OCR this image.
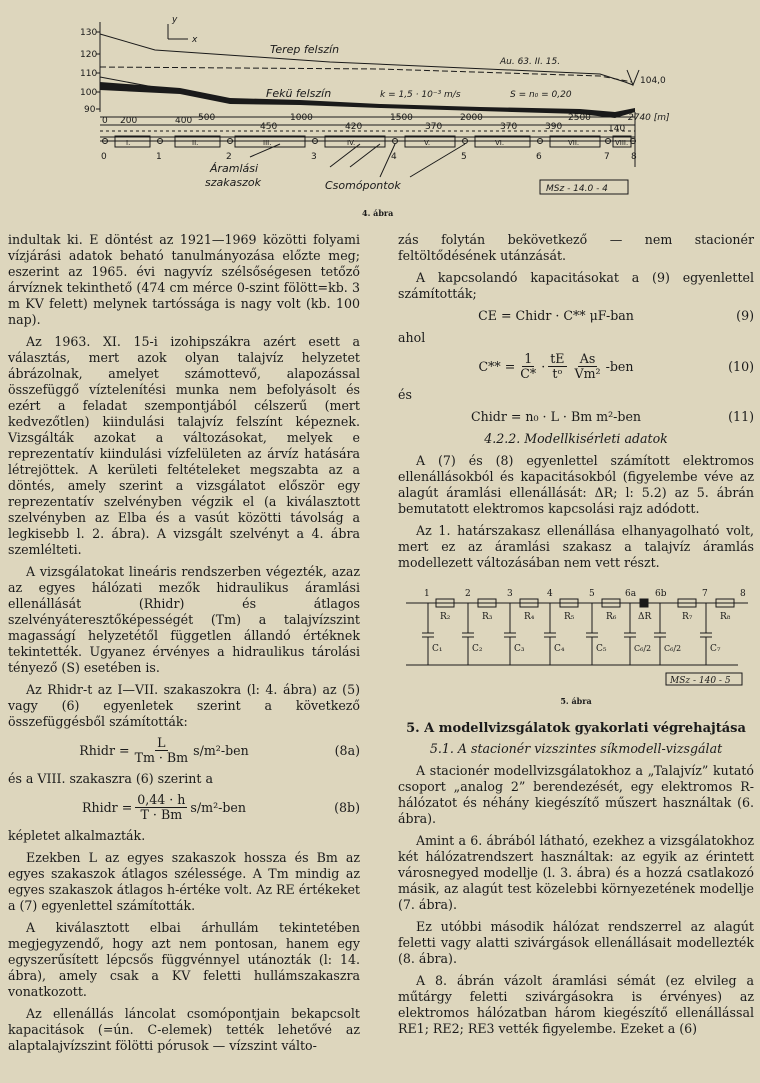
130
120
110
100
90
y
x
Terep felszín
Fekü felszín
Au. 63. II. 15.
k = 1,5 · 10⁻³ m/s	S = n₀ = 0,20
104,0
0 200	400 500
450
1000
420
1500
370
2000
370	390
2500
140
2740 [m]
I.	II.	III.	IV.	V.	VI.	VII.	VIII.
0	1	2	3	4	5	6	7 8
Áramlási
szakaszok	Csomópontok	MSz - 14.0 - 4
4. ábra

indultak ki. E döntést az 1921—1969 közötti folyami vízjárási adatok beható tanulmányozása előzte meg; eszerint az 1965. évi nagyvíz szélsőségesen tetőző árvíznek tekinthető (474 cm mérce 0-szint fölött=kb. 3 m KV felett) melynek tartóssága is nagy volt (kb. 100 nap).

Az 1963. XI. 15-i izohipszákra azért esett a választás, mert azok olyan talajvíz helyzetet ábrázolnak, amelyet számottevő, alapozással összefüggő víztelenítési munka nem befolyásolt és ezért a feladat szempontjából célszerű (mert kedvezőtlen) kiindulási talajvíz felszínt képeznek. Vizsgálták azokat a változásokat, melyek e reprezentatív kiindulási vízfelületen az árvíz hatására létrejöttek. A kerületi feltételeket megszabta az a döntés, amely szerint a vizsgálatot először egy reprezentatív szelvényben végzik el (a kiválasztott szelvényben az Elba és a vasút közötti távolság a legkisebb l. 2. ábra). A vizsgált szelvényt a 4. ábra szemlélteti.

A vizsgálatokat lineáris rendszerben végezték, azaz az egyes hálózati mezők hidraulikus áramlási ellenállását (Rhidr) és átlagos szelvényáteresztőképességét (Tm) a talajvízszint magasságí helyzetétől független állandó értéknek tekintették. Ugyanez érvényes a hidraulikus tárolási tényező (S) esetében is.

Az Rhidr-t az I—VII. szakaszokra (l: 4. ábra) az (5) vagy (6) egyenletek szerint a következő összefüggésből számították:

Rhidr = $\frac{L}{Tm \cdot Bm} s/m^2-ben$	(8a)

és a VIII. szakaszra (6) szerint a

Rhidr = $\frac{0,44 \cdot h}{T \cdot Bm} s/m^2-ben$	(8b)

képletet alkalmazták.

Ezekben L az egyes szakaszok hossza és Bm az egyes szakaszok átlagos szélessége. A Tm mindig az egyes szakaszok átlagos h-értéke volt. Az RE értékeket a (7) egyenlettel számították.

A kiválasztott elbai árhullám tekintetében megjegyzendő, hogy azt nem pontosan, hanem egy egyszerűsített lépcsős függvénnyel utánozták (l: 14. ábra), amely csak a KV feletti hullámszakaszra vonatkozott.

Az ellenállás láncolat csomópontjain bekapcsolt kapacitások (=ún. C-elemek) tették lehetővé az alaptalajvízszint fölötti pórusok — vízszint válto-

zás folytán bekövetkező — nem stacionér feltöltődésének utánzását.

A kapcsolandó kapacitásokat a (9) egyenlettel számították;

CE = Chidr · C** μF-ban	(9)

ahol

$C** = \frac{1}{C*} \cdot \frac{tE}{\text{tᵒ}} \frac{As}{\text{Vm²}} -ben$	(10)

és

Chidr = n₀ · L · Bm m²-ben	(11)

4.2.2. Modellkisérleti adatok

A (7) és (8) egyenlettel számított elektromos ellenállásokból és kapacitásokból (figyelembe véve az alagút áramlási ellenállását: ΔR; l: 5.2) az 5. ábrán bemutatott elektromos kapcsolási rajz adódott.

Az 1. határszakasz ellenállása elhanyagolható volt, mert ez az áramlási szakasz a talajvíz áramlás modellezett változásában nem vett részt.

1	2	3	4	5	6a 6b	7	8
R₂	R₃	R₄	R₅	R₆ ΔR	R₇	R₈
C₁	C₂	C₃	C₄	C₅	C₆/2 C₆/2	C₇
MSz - 140 - 5

5. ábra

5. A modellvizsgálatok gyakorlati végrehajtása

5.1. A stacionér vizszintes síkmodell-vizsgálat

A stacionér modellvizsgálatokhoz a „Talajvíz” kutató csoport „analog 2” berendezését, egy elektromos R-hálózatot és néhány kiegészítő műszert használtak (6. ábra).

Amint a 6. ábrából látható, ezekhez a vizsgálatokhoz két hálózatrendszert használtak: az egyik az érintett városnegyed modellje (l. 3. ábra) és a hozzá csatlakozó másik, az alagút test közelebbi környezetének modellje (7. ábra).

Ez utóbbi második hálózat rendszerrel az alagút feletti vagy alatti szivárgások ellenállásait modellezték (8. ábra).

A 8. ábrán vázolt áramlási sémát (ez elvileg a műtárgy feletti szivárgásokra is érvényes) az elektromos hálózatban három kiegészítő ellenállással RE1; RE2; RE3 vették figyelembe. Ezeket a (6)
